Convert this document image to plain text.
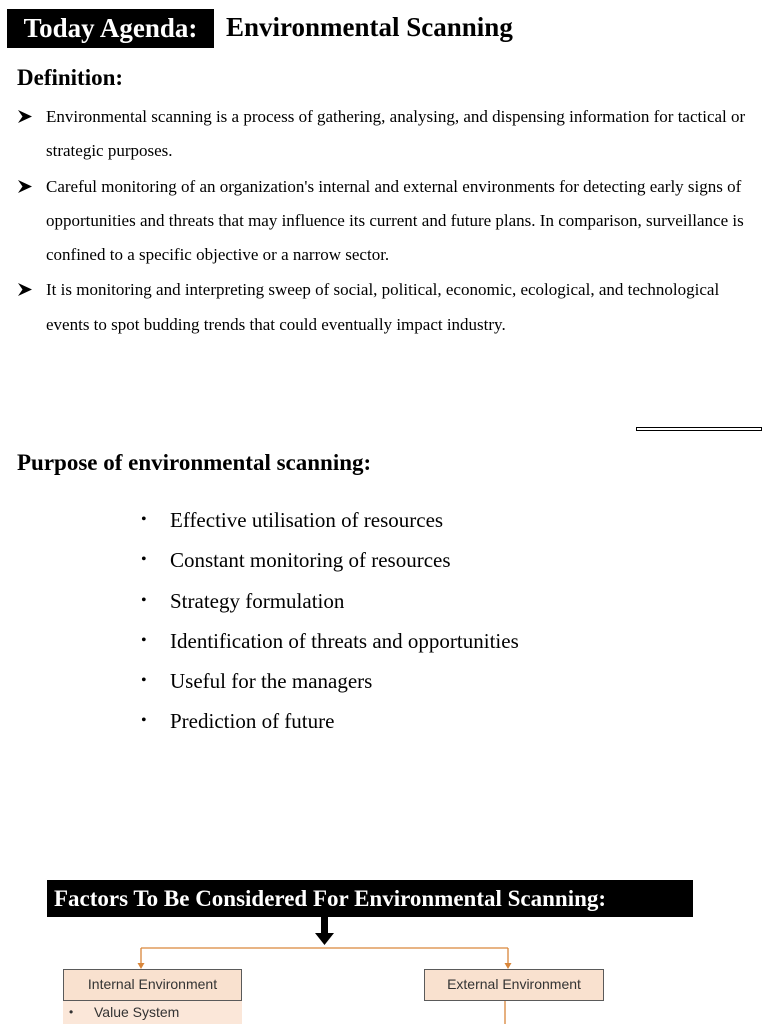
Today Agenda:	Environmental Scanning
Definition:
Environmental scanning is a process of gathering, analysing, and dispensing information for tactical or strategic purposes.
Careful monitoring of an organization's internal and external environments for detecting early signs of opportunities and threats that may influence its current and future plans. In comparison, surveillance is confined to a specific objective or a narrow sector.
It is monitoring and interpreting sweep of social, political, economic, ecological, and technological events to spot budding trends that could eventually impact industry.
Purpose of environmental scanning:
•	Effective utilisation of resources
•	Constant monitoring of resources
•	Strategy formulation
•	Identification of threats and opportunities
•	Useful for the managers
•	Prediction of future
Factors To Be Considered For Environmental Scanning:
Internal Environment	External Environment
• Value System
